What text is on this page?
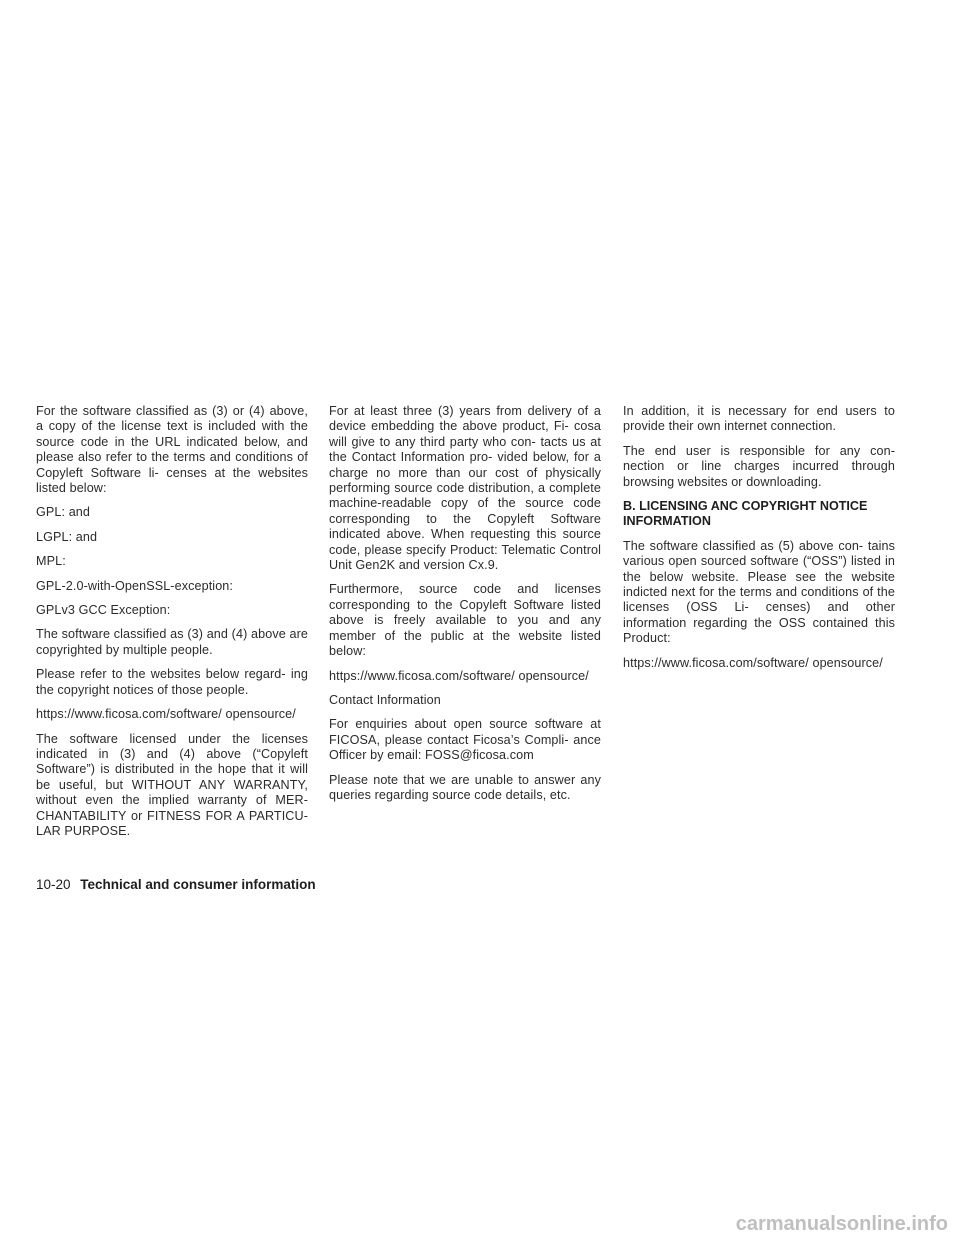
For the software classified as (3) or (4) above, a copy of the license text is included with the source code in the URL indicated below, and please also refer to the terms and conditions of Copyleft Software li- censes at the websites listed below:

GPL: and

LGPL: and

MPL:

GPL-2.0-with-OpenSSL-exception:

GPLv3 GCC Exception:

The software classified as (3) and (4) above are copyrighted by multiple people.

Please refer to the websites below regard- ing the copyright notices of those people.

https://www.ficosa.com/software/ opensource/

The software licensed under the licenses indicated in (3) and (4) above (“Copyleft Software”) is distributed in the hope that it will be useful, but WITHOUT ANY WARRANTY, without even the implied warranty of MER- CHANTABILITY or FITNESS FOR A PARTICU- LAR PURPOSE.

For at least three (3) years from delivery of a device embedding the above product, Fi- cosa will give to any third party who con- tacts us at the Contact Information pro- vided below, for a charge no more than our cost of physically performing source code distribution, a complete machine-readable copy of the source code corresponding to the Copyleft Software indicated above. When requesting this source code, please specify Product: Telematic Control Unit Gen2K and version Cx.9.

Furthermore, source code and licenses corresponding to the Copyleft Software listed above is freely available to you and any member of the public at the website listed below:

https://www.ficosa.com/software/ opensource/

Contact Information

For enquiries about open source software at FICOSA, please contact Ficosa’s Compli- ance Officer by email: FOSS@ficosa.com

Please note that we are unable to answer any queries regarding source code details, etc.

In addition, it is necessary for end users to provide their own internet connection.

The end user is responsible for any con- nection or line charges incurred through browsing websites or downloading.

B. LICENSING ANC COPYRIGHT NOTICE INFORMATION

The software classified as (5) above con- tains various open sourced software (“OSS”) listed in the below website. Please see the website indicted next for the terms and conditions of the licenses (OSS Li- censes) and other information regarding the OSS contained this Product:

https://www.ficosa.com/software/ opensource/

10-20 Technical and consumer information
carmanualsonline.info
